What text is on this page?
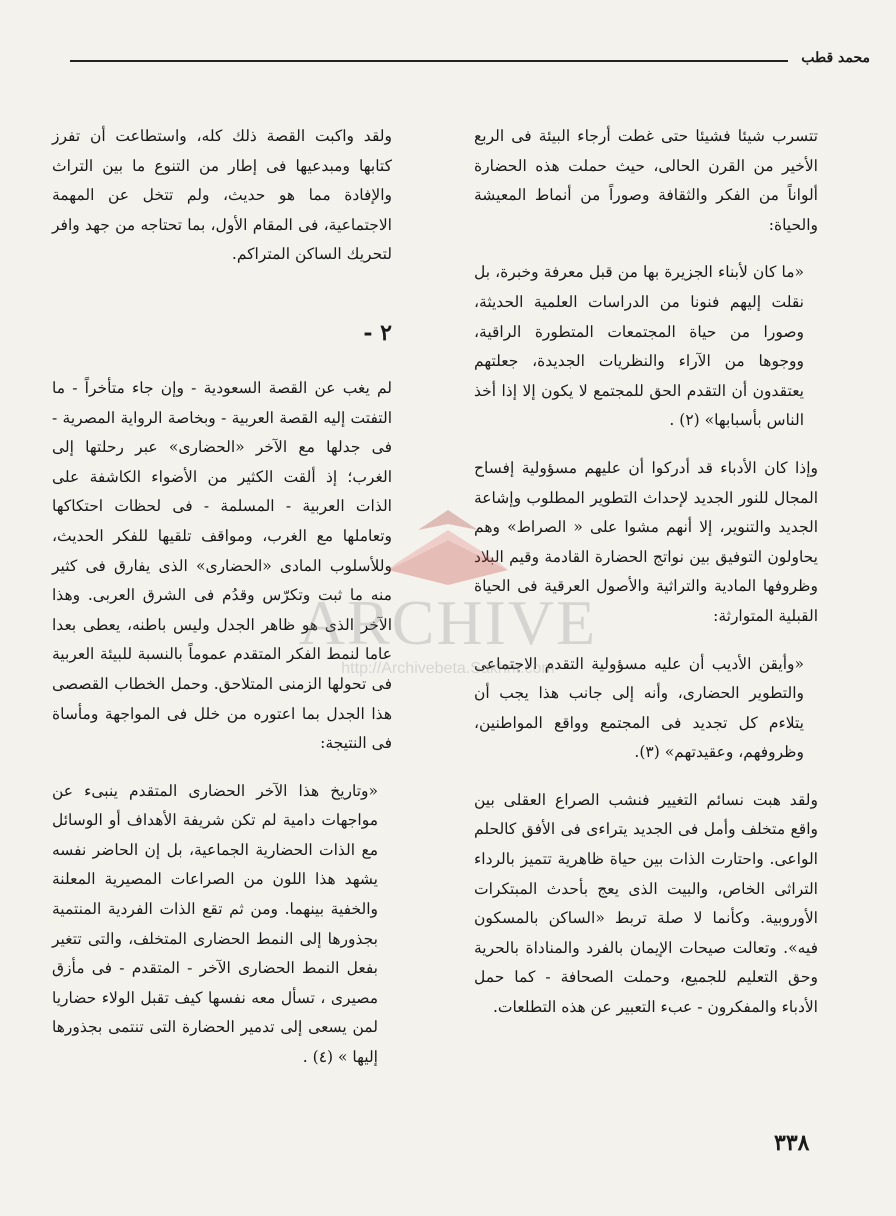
محمد قطب

تتسرب شيئا فشيئا حتى غطت أرجاء البيئة فى الربع الأخير من القرن الحالى، حيث حملت هذه الحضارة ألواناً من الفكر والثقافة وصوراً من أنماط المعيشة والحياة:

«ما كان لأبناء الجزيرة بها من قبل معرفة وخبرة، بل نقلت إليهم فنونا من الدراسات العلمية الحديثة، وصورا من حياة المجتمعات المتطورة الراقية، ووجوها من الآراء والنظريات الجديدة، جعلتهم يعتقدون أن التقدم الحق للمجتمع لا يكون إلا إذا أخذ الناس بأسبابها» (٢) .

وإذا كان الأدباء قد أدركوا أن عليهم مسؤولية إفساح المجال للنور الجديد لإحداث التطوير المطلوب وإشاعة الجديد والتنوير، إلا أنهم مشوا على « الصراط» وهم يحاولون التوفيق بين نواتج الحضارة القادمة وقيم البلاد وظروفها المادية والتراثية والأصول العرقية فى الحياة القبلية المتوارثة:

«وأيقن الأديب أن عليه مسؤولية التقدم الاجتماعى والتطوير الحضارى، وأنه إلى جانب هذا يجب أن يتلاءم كل تجديد فى المجتمع وواقع المواطنين، وظروفهم، وعقيدتهم» (٣).

ولقد هبت نسائم التغيير فنشب الصراع العقلى بين واقع متخلف وأمل فى الجديد يتراءى فى الأفق كالحلم الواعى. واحتارت الذات بين حياة ظاهرية تتميز بالرداء التراثى الخاص، والبيت الذى يعج بأحدث المبتكرات الأوروبية. وكأنما لا صلة تربط «الساكن بالمسكون فيه». وتعالت صيحات الإيمان بالفرد والمناداة بالحرية وحق التعليم للجميع، وحملت الصحافة - كما حمل الأدباء والمفكرون - عبء التعبير عن هذه التطلعات.

ولقد واكبت القصة ذلك كله، واستطاعت أن تفرز كتابها ومبدعيها فى إطار من التنوع ما بين التراث والإفادة مما هو حديث، ولم تتخل عن المهمة الاجتماعية، فى المقام الأول، بما تحتاجه من جهد وافر لتحريك الساكن المتراكم.

٢ -

لم يغب عن القصة السعودية - وإن جاء متأخراً - ما التفتت إليه القصة العربية - وبخاصة الرواية المصرية - فى جدلها مع الآخر «الحضارى» عبر رحلتها إلى الغرب؛ إذ ألقت الكثير من الأضواء الكاشفة على الذات العربية - المسلمة - فى لحظات احتكاكها وتعاملها مع الغرب، ومواقف تلقيها للفكر الحديث، وللأسلوب المادى «الحضارى» الذى يفارق فى كثير منه ما ثبت وتكرّس وقدُم فى الشرق العربى. وهذا الآخر الذى هو ظاهر الجدل وليس باطنه، يعطى بعدا عاما لنمط الفكر المتقدم عموماً بالنسبة للبيئة العربية فى تحولها الزمنى المتلاحق. وحمل الخطاب القصصى هذا الجدل بما اعتوره من خلل فى المواجهة ومأساة فى النتيجة:

«وتاريخ هذا الآخر الحضارى المتقدم ينبىء عن مواجهات دامية لم تكن شريفة الأهداف أو الوسائل مع الذات الحضارية الجماعية، بل إن الحاضر نفسه يشهد هذا اللون من الصراعات المصيرية المعلنة والخفية بينهما. ومن ثم تقع الذات الفردية المنتمية بجذورها إلى النمط الحضارى المتخلف، والتى تتغير بفعل النمط الحضارى الآخر - المتقدم - فى مأزق مصيرى ، تسأل معه نفسها كيف تقبل الولاء حضاريا لمن يسعى إلى تدمير الحضارة التى تنتمى بجذورها إليها » (٤) .

٣٣٨
ARCHIVE
http://Archivebeta.Sakhrit.com
